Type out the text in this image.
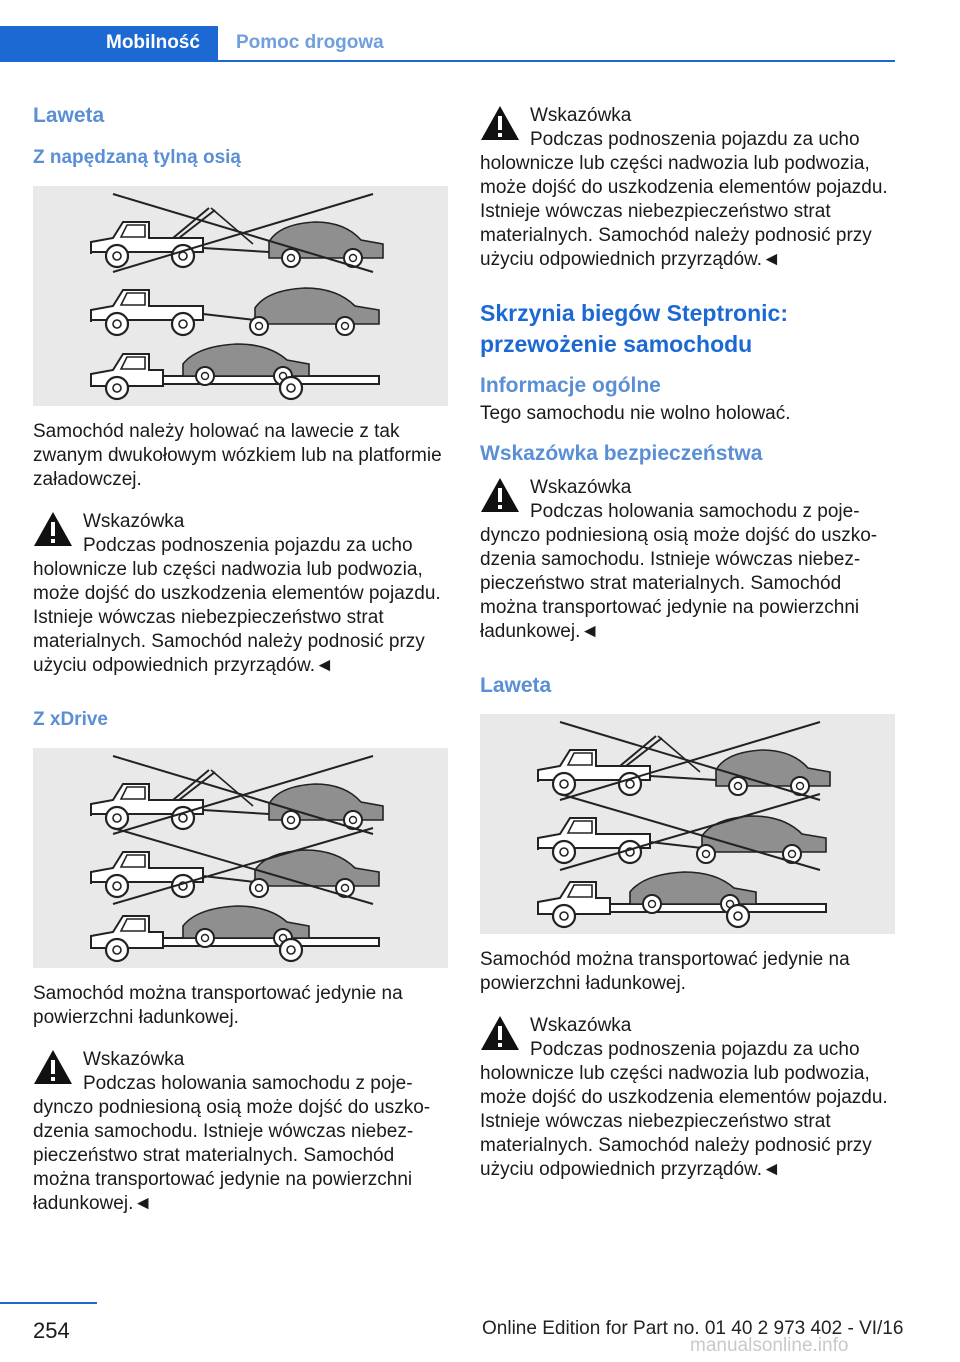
Mobilność	Pomoc drogowa
Laweta
Z napędzaną tylną osią

Samochód należy holować na lawecie z tak zwanym dwukołowym wózkiem lub na platformie załadowczej.

Wskazówka

Podczas podnoszenia pojazdu za ucho holownicze lub części nadwozia lub podwozia, może dojść do uszkodzenia elementów pojazdu. Istnieje wówczas niebezpieczeństwo strat materialnych. Samochód należy podnosić przy użyciu odpowiednich przyrządów.◄

Z xDrive

Samochód można transportować jedynie na powierzchni ładunkowej.

Wskazówka

Podczas holowania samochodu z pojedynczo podniesioną osią może dojść do uszkodzenia samochodu. Istnieje wówczas niebezpieczeństwo strat materialnych. Samochód można transportować jedynie na powierzchni ładunkowej.◄

Wskazówka

Podczas podnoszenia pojazdu za ucho holownicze lub części nadwozia lub podwozia, może dojść do uszkodzenia elementów pojazdu. Istnieje wówczas niebezpieczeństwo strat materialnych. Samochód należy podnosić przy użyciu odpowiednich przyrządów.◄

Skrzynia biegów Steptronic: przewożenie samochodu
Informacje ogólne

Tego samochodu nie wolno holować.

Wskazówka bezpieczeństwa

Wskazówka

Podczas holowania samochodu z pojedynczo podniesioną osią może dojść do uszkodzenia samochodu. Istnieje wówczas niebezpieczeństwo strat materialnych. Samochód można transportować jedynie na powierzchni ładunkowej.◄

Laweta

Samochód można transportować jedynie na powierzchni ładunkowej.

Wskazówka

Podczas podnoszenia pojazdu za ucho holownicze lub części nadwozia lub podwozia, może dojść do uszkodzenia elementów pojazdu. Istnieje wówczas niebezpieczeństwo strat materialnych. Samochód należy podnosić przy użyciu odpowiednich przyrządów.◄

254	Online Edition for Part no. 01 40 2 973 402 - VI/16
manualsonline.info
